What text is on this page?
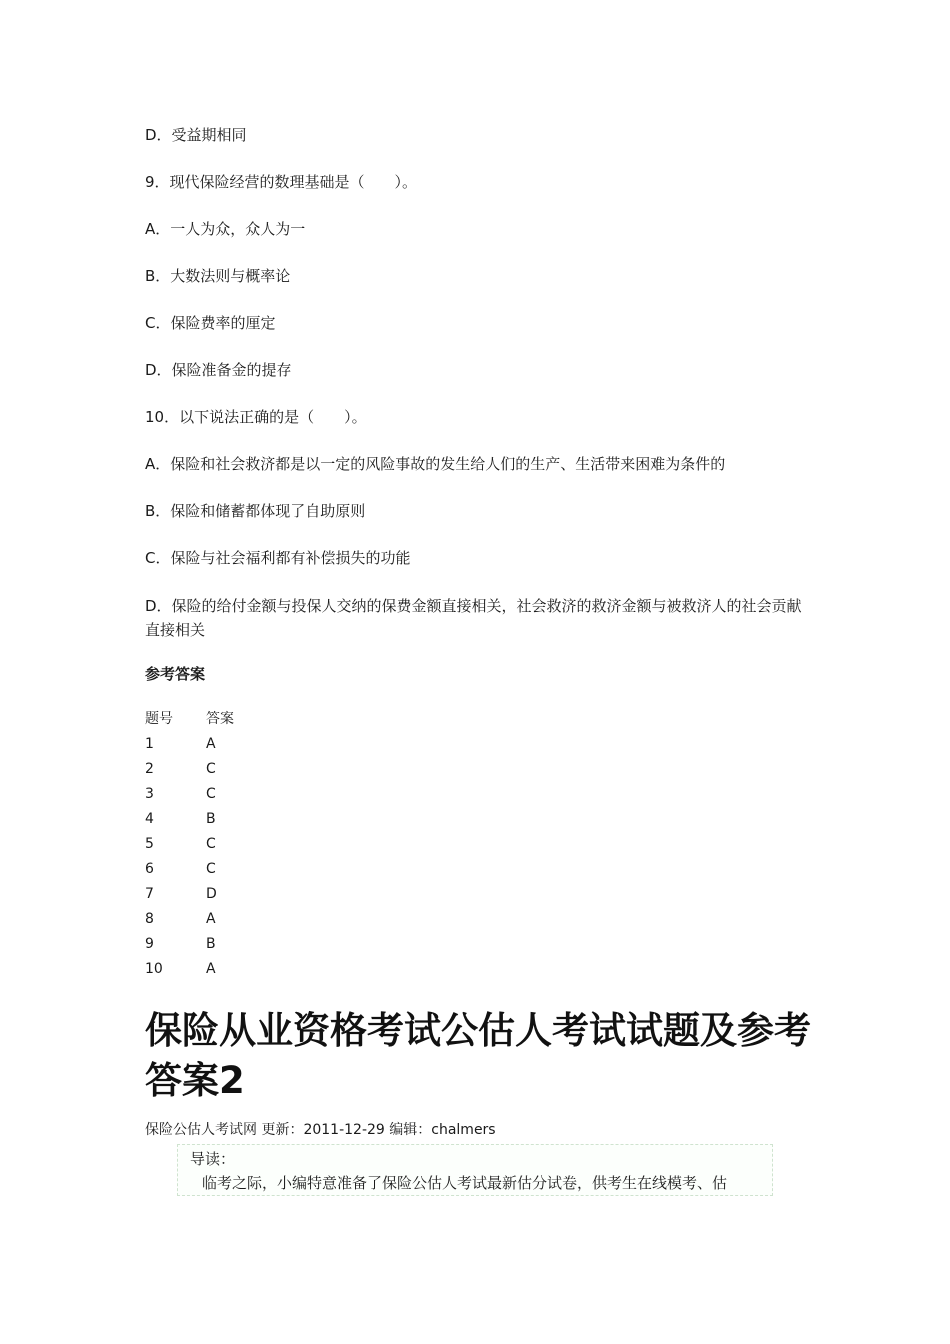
D．受益期相同

9．现代保险经营的数理基础是（　　）。

A．一人为众，众人为一

B．大数法则与概率论

C．保险费率的厘定

D．保险准备金的提存

10．以下说法正确的是（　　）。

A．保险和社会救济都是以一定的风险事故的发生给人们的生产、生活带来困难为条件的

B．保险和储蓄都体现了自助原则

C．保险与社会福利都有补偿损失的功能

D．保险的给付金额与投保人交纳的保费金额直接相关，社会救济的救济金额与被救济人的社会贡献直接相关

参考答案
题号	答案
1	A
2	C
3	C
4	B
5	C
6	C
7	D
8	A
9	B
10	A
保险从业资格考试公估人考试试题及参考答案2

保险公估人考试网 更新：2011-12-29 编辑：chalmers

导读：
临考之际，小编特意准备了保险公估人考试最新估分试卷，供考生在线模考、估
